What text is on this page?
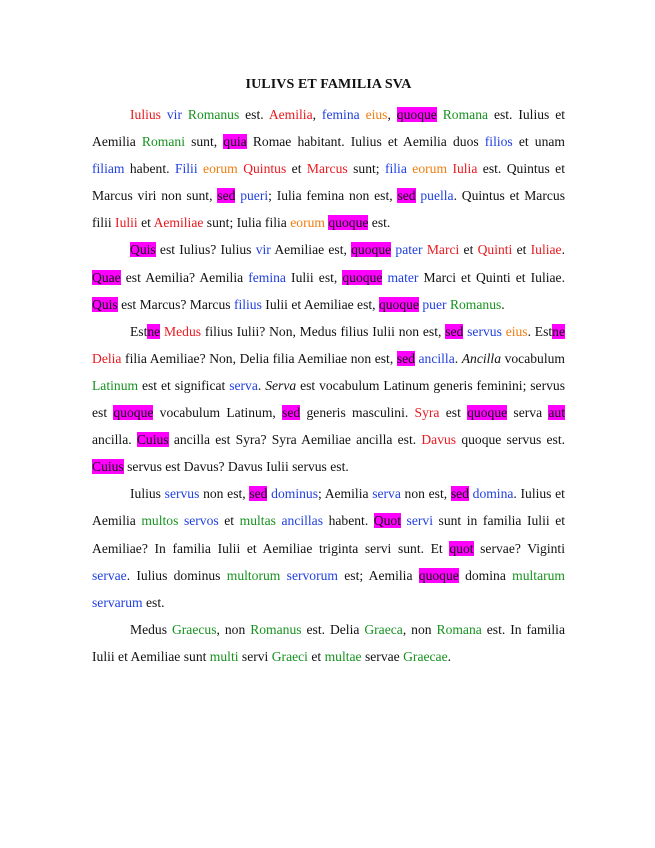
IULIVS ET FAMILIA SVA

Iulius vir Romanus est. Aemilia, femina eius, quoque Romana est. Iulius et Aemilia Romani sunt, quia Romae habitant. Iulius et Aemilia duos filios et unam filiam habent. Filii eorum Quintus et Marcus sunt; filia eorum Iulia est. Quintus et Marcus viri non sunt, sed pueri; Iulia femina non est, sed puella. Quintus et Marcus filii Iulii et Aemiliae sunt; Iulia filia eorum quoque est.

Quis est Iulius? Iulius vir Aemiliae est, quoque pater Marci et Quinti et Iuliae. Quae est Aemilia? Aemilia femina Iulii est, quoque mater Marci et Quinti et Iuliae. Quis est Marcus? Marcus filius Iulii et Aemiliae est, quoque puer Romanus.

Estne Medus filius Iulii? Non, Medus filius Iulii non est, sed servus eius. Estne Delia filia Aemiliae? Non, Delia filia Aemiliae non est, sed ancilla. Ancilla vocabulum Latinum est et significat serva. Serva est vocabulum Latinum generis feminini; servus est quoque vocabulum Latinum, sed generis masculini. Syra est quoque serva aut ancilla. Cuius ancilla est Syra? Syra Aemiliae ancilla est. Davus quoque servus est. Cuius servus est Davus? Davus Iulii servus est.

Iulius servus non est, sed dominus; Aemilia serva non est, sed domina. Iulius et Aemilia multos servos et multas ancillas habent. Quot servi sunt in familia Iulii et Aemiliae? In familia Iulii et Aemiliae triginta servi sunt. Et quot servae? Viginti servae. Iulius dominus multorum servorum est; Aemilia quoque domina multarum servarum est.

Medus Graecus, non Romanus est. Delia Graeca, non Romana est. In familia Iulii et Aemiliae sunt multi servi Graeci et multae servae Graecae.
